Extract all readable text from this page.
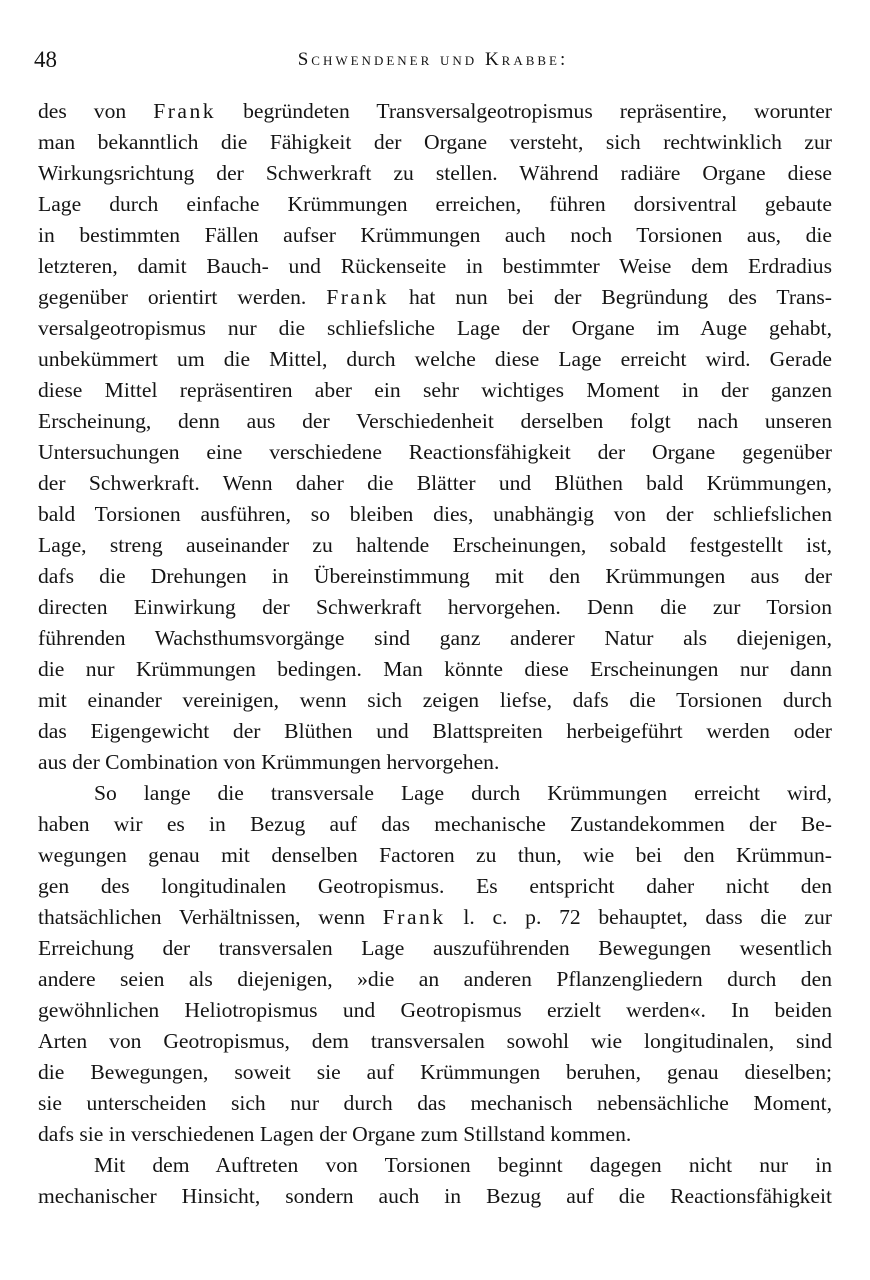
48	Schwendener und Krabbe:
des von Frank begründeten Transversalgeotropismus repräsentire, worunter
man bekanntlich die Fähigkeit der Organe versteht, sich rechtwinklich zur
Wirkungsrichtung der Schwerkraft zu stellen. Während radiäre Organe diese
Lage durch einfache Krümmungen erreichen, führen dorsiventral gebaute
in bestimmten Fällen aufser Krümmungen auch noch Torsionen aus, die
letzteren, damit Bauch- und Rückenseite in bestimmter Weise dem Erdradius
gegenüber orientirt werden. Frank hat nun bei der Begründung des Trans-
versalgeotropismus nur die schliefsliche Lage der Organe im Auge gehabt,
unbekümmert um die Mittel, durch welche diese Lage erreicht wird. Gerade
diese Mittel repräsentiren aber ein sehr wichtiges Moment in der ganzen
Erscheinung, denn aus der Verschiedenheit derselben folgt nach unseren
Untersuchungen eine verschiedene Reactionsfähigkeit der Organe gegenüber
der Schwerkraft. Wenn daher die Blätter und Blüthen bald Krümmungen,
bald Torsionen ausführen, so bleiben dies, unabhängig von der schliefslichen
Lage, streng auseinander zu haltende Erscheinungen, sobald festgestellt ist,
dafs die Drehungen in Übereinstimmung mit den Krümmungen aus der
directen Einwirkung der Schwerkraft hervorgehen. Denn die zur Torsion
führenden Wachsthumsvorgänge sind ganz anderer Natur als diejenigen,
die nur Krümmungen bedingen. Man könnte diese Erscheinungen nur dann
mit einander vereinigen, wenn sich zeigen liefse, dafs die Torsionen durch
das Eigengewicht der Blüthen und Blattspreiten herbeigeführt werden oder
aus der Combination von Krümmungen hervorgehen.
So lange die transversale Lage durch Krümmungen erreicht wird,
haben wir es in Bezug auf das mechanische Zustandekommen der Be-
wegungen genau mit denselben Factoren zu thun, wie bei den Krümmun-
gen des longitudinalen Geotropismus. Es entspricht daher nicht den
thatsächlichen Verhältnissen, wenn Frank l. c. p. 72 behauptet, dass die zur
Erreichung der transversalen Lage auszuführenden Bewegungen wesentlich
andere seien als diejenigen, »die an anderen Pflanzengliedern durch den
gewöhnlichen Heliotropismus und Geotropismus erzielt werden«. In beiden
Arten von Geotropismus, dem transversalen sowohl wie longitudinalen, sind
die Bewegungen, soweit sie auf Krümmungen beruhen, genau dieselben;
sie unterscheiden sich nur durch das mechanisch nebensächliche Moment,
dafs sie in verschiedenen Lagen der Organe zum Stillstand kommen.
Mit dem Auftreten von Torsionen beginnt dagegen nicht nur in
mechanischer Hinsicht, sondern auch in Bezug auf die Reactionsfähigkeit
